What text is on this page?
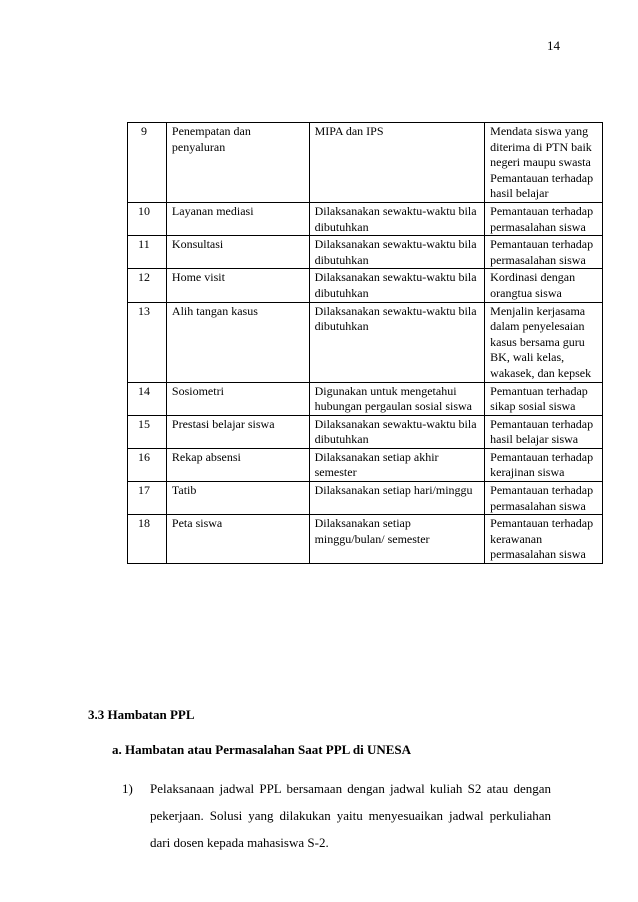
14
9	Penempatan dan penyaluran	MIPA dan IPS	Mendata siswa yang diterima di PTN baik negeri maupu swasta Pemantauan terhadap hasil belajar
10	Layanan mediasi	Dilaksanakan sewaktu-waktu bila dibutuhkan	Pemantauan terhadap permasalahan siswa
11	Konsultasi	Dilaksanakan sewaktu-waktu bila dibutuhkan	Pemantauan terhadap permasalahan siswa
12	Home visit	Dilaksanakan sewaktu-waktu bila dibutuhkan	Kordinasi dengan orangtua siswa
13	Alih tangan kasus	Dilaksanakan sewaktu-waktu bila dibutuhkan	Menjalin kerjasama dalam penyelesaian kasus bersama guru BK, wali kelas, wakasek, dan kepsek
14	Sosiometri	Digunakan untuk mengetahui hubungan pergaulan sosial siswa	Pemantuan terhadap sikap sosial siswa
15	Prestasi belajar siswa	Dilaksanakan sewaktu-waktu bila dibutuhkan	Pemantauan terhadap hasil belajar siswa
16	Rekap absensi	Dilaksanakan setiap akhir semester	Pemantauan terhadap kerajinan siswa
17	Tatib	Dilaksanakan setiap hari/minggu	Pemantauan terhadap permasalahan siswa
18	Peta siswa	Dilaksanakan setiap minggu/bulan/ semester	Pemantauan terhadap kerawanan permasalahan siswa
3.3 Hambatan PPL
a. Hambatan atau Permasalahan Saat PPL di UNESA
1) Pelaksanaan jadwal PPL bersamaan dengan jadwal kuliah S2 atau dengan
pekerjaan. Solusi yang dilakukan yaitu menyesuaikan jadwal perkuliahan
dari dosen kepada mahasiswa S-2.
